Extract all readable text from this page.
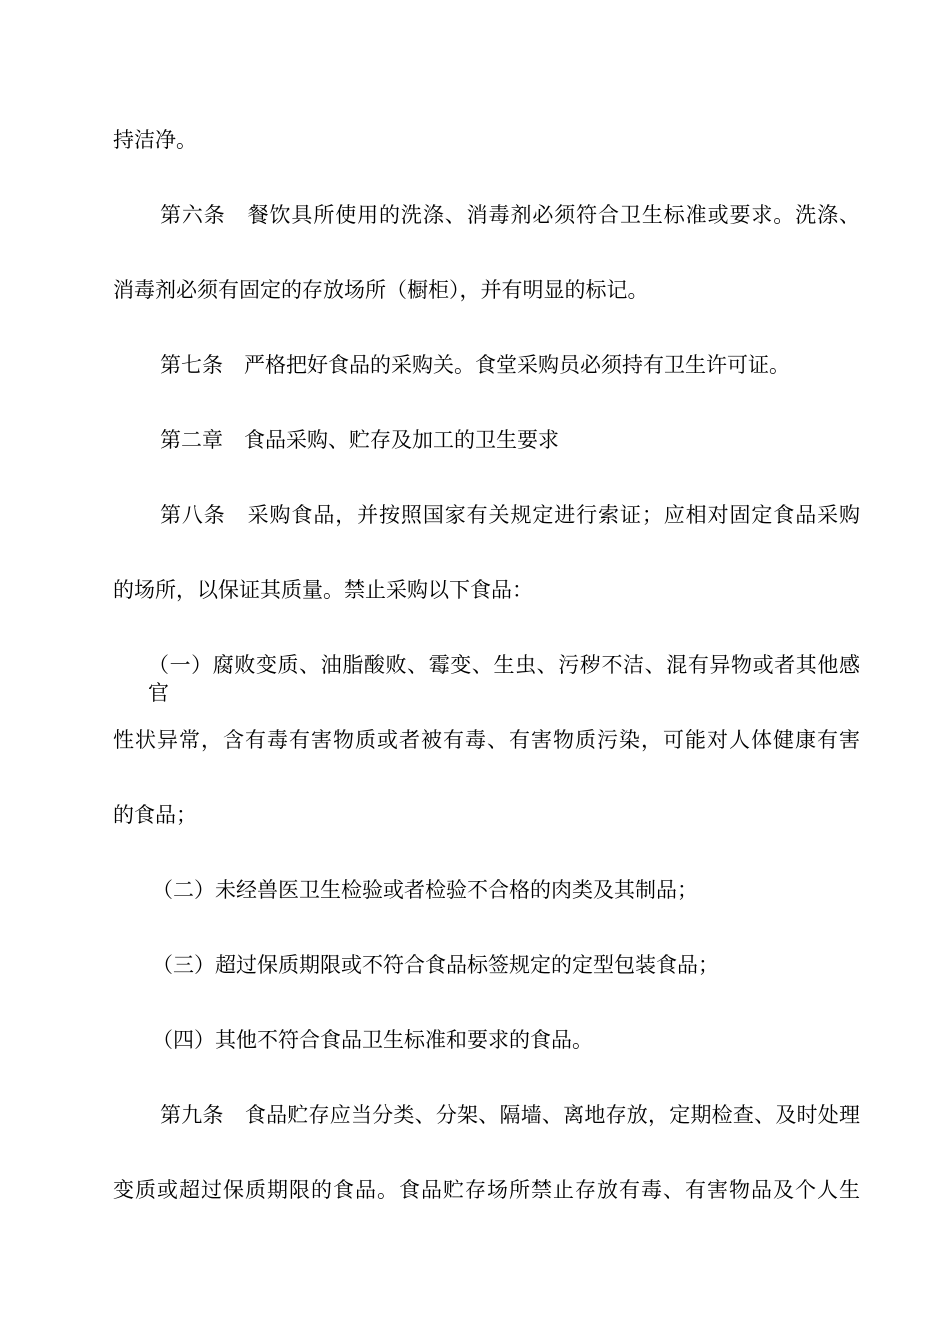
持洁净。
第六条　餐饮具所使用的洗涤、消毒剂必须符合卫生标准或要求。洗涤、
消毒剂必须有固定的存放场所（橱柜），并有明显的标记。
第七条　严格把好食品的采购关。食堂采购员必须持有卫生许可证。
第二章　食品采购、贮存及加工的卫生要求
第八条　采购食品，并按照国家有关规定进行索证；应相对固定食品采购
的场所，以保证其质量。禁止采购以下食品：
（一）腐败变质、油脂酸败、霉变、生虫、污秽不洁、混有异物或者其他感官
性状异常，含有毒有害物质或者被有毒、有害物质污染，可能对人体健康有害
的食品；
（二）未经兽医卫生检验或者检验不合格的肉类及其制品；
（三）超过保质期限或不符合食品标签规定的定型包装食品；
（四）其他不符合食品卫生标准和要求的食品。
第九条　食品贮存应当分类、分架、隔墙、离地存放，定期检查、及时处理
变质或超过保质期限的食品。食品贮存场所禁止存放有毒、有害物品及个人生
